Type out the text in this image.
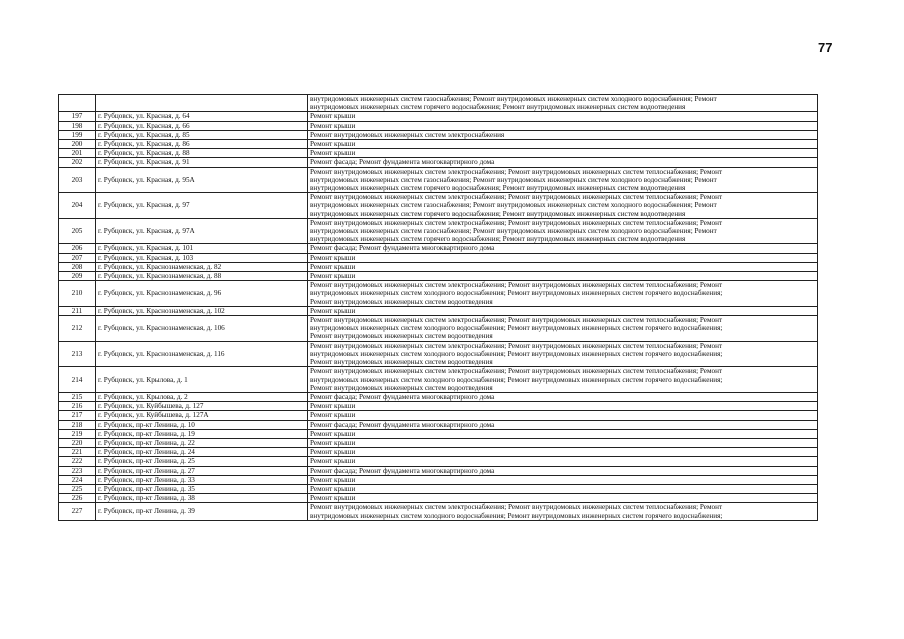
77

		внутридомовых инженерных систем газоснабжения; Ремонт внутридомовых инженерных систем холодного водоснабжения; Ремонт
внутридомовых инженерных систем горячего водоснабжения; Ремонт внутридомовых инженерных систем водоотведения

197	г. Рубцовск, ул. Красная, д. 64	Ремонт крыши

198	г. Рубцовск, ул. Красная, д. 66	Ремонт крыши

199	г. Рубцовск, ул. Красная, д. 85	Ремонт внутридомовых инженерных систем электроснабжения

200	г. Рубцовск, ул. Красная, д. 86	Ремонт крыши

201	г. Рубцовск, ул. Красная, д. 88	Ремонт крыши

202	г. Рубцовск, ул. Красная, д. 91	Ремонт фасада; Ремонт фундамента многоквартирного дома

203	г. Рубцовск, ул. Красная, д. 95А	Ремонт внутридомовых инженерных систем электроснабжения; Ремонт внутридомовых инженерных систем теплоснабжения; Ремонт
внутридомовых инженерных систем газоснабжения; Ремонт внутридомовых инженерных систем холодного водоснабжения; Ремонт
внутридомовых инженерных систем горячего водоснабжения; Ремонт внутридомовых инженерных систем водоотведения

204	г. Рубцовск, ул. Красная, д. 97	Ремонт внутридомовых инженерных систем электроснабжения; Ремонт внутридомовых инженерных систем теплоснабжения; Ремонт
внутридомовых инженерных систем газоснабжения; Ремонт внутридомовых инженерных систем холодного водоснабжения; Ремонт
внутридомовых инженерных систем горячего водоснабжения; Ремонт внутридомовых инженерных систем водоотведения

205	г. Рубцовск, ул. Красная, д. 97А	Ремонт внутридомовых инженерных систем электроснабжения; Ремонт внутридомовых инженерных систем теплоснабжения; Ремонт
внутридомовых инженерных систем газоснабжения; Ремонт внутридомовых инженерных систем холодного водоснабжения; Ремонт
внутридомовых инженерных систем горячего водоснабжения; Ремонт внутридомовых инженерных систем водоотведения

206	г. Рубцовск, ул. Красная, д. 101	Ремонт фасада; Ремонт фундамента многоквартирного дома

207	г. Рубцовск, ул. Красная, д. 103	Ремонт крыши

208	г. Рубцовск, ул. Краснознаменская, д. 82	Ремонт крыши

209	г. Рубцовск, ул. Краснознаменская, д. 88	Ремонт крыши

210	г. Рубцовск, ул. Краснознаменская, д. 96	Ремонт внутридомовых инженерных систем электроснабжения; Ремонт внутридомовых инженерных систем теплоснабжения; Ремонт
внутридомовых инженерных систем холодного водоснабжения; Ремонт внутридомовых инженерных систем горячего водоснабжения;
Ремонт внутридомовых инженерных систем водоотведения

211	г. Рубцовск, ул. Краснознаменская, д. 102	Ремонт крыши

212	г. Рубцовск, ул. Краснознаменская, д. 106	Ремонт внутридомовых инженерных систем электроснабжения; Ремонт внутридомовых инженерных систем теплоснабжения; Ремонт
внутридомовых инженерных систем холодного водоснабжения; Ремонт внутридомовых инженерных систем горячего водоснабжения;
Ремонт внутридомовых инженерных систем водоотведения

213	г. Рубцовск, ул. Краснознаменская, д. 116	Ремонт внутридомовых инженерных систем электроснабжения; Ремонт внутридомовых инженерных систем теплоснабжения; Ремонт
внутридомовых инженерных систем холодного водоснабжения; Ремонт внутридомовых инженерных систем горячего водоснабжения;
Ремонт внутридомовых инженерных систем водоотведения

214	г. Рубцовск, ул. Крылова, д. 1	Ремонт внутридомовых инженерных систем электроснабжения; Ремонт внутридомовых инженерных систем теплоснабжения; Ремонт
внутридомовых инженерных систем холодного водоснабжения; Ремонт внутридомовых инженерных систем горячего водоснабжения;
Ремонт внутридомовых инженерных систем водоотведения

215	г. Рубцовск, ул. Крылова, д. 2	Ремонт фасада; Ремонт фундамента многоквартирного дома

216	г. Рубцовск, ул. Куйбышева, д. 127	Ремонт крыши

217	г. Рубцовск, ул. Куйбышева, д. 127А	Ремонт крыши

218	г. Рубцовск, пр-кт Ленина, д. 10	Ремонт фасада; Ремонт фундамента многоквартирного дома

219	г. Рубцовск, пр-кт Ленина, д. 19	Ремонт крыши

220	г. Рубцовск, пр-кт Ленина, д. 22	Ремонт крыши

221	г. Рубцовск, пр-кт Ленина, д. 24	Ремонт крыши

222	г. Рубцовск, пр-кт Ленина, д. 25	Ремонт крыши

223	г. Рубцовск, пр-кт Ленина, д. 27	Ремонт фасада; Ремонт фундамента многоквартирного дома

224	г. Рубцовск, пр-кт Ленина, д. 33	Ремонт крыши

225	г. Рубцовск, пр-кт Ленина, д. 35	Ремонт крыши

226	г. Рубцовск, пр-кт Ленина, д. 38	Ремонт крыши

227	г. Рубцовск, пр-кт Ленина, д. 39	Ремонт внутридомовых инженерных систем электроснабжения; Ремонт внутридомовых инженерных систем теплоснабжения; Ремонт
внутридомовых инженерных систем холодного водоснабжения; Ремонт внутридомовых инженерных систем горячего водоснабжения;
